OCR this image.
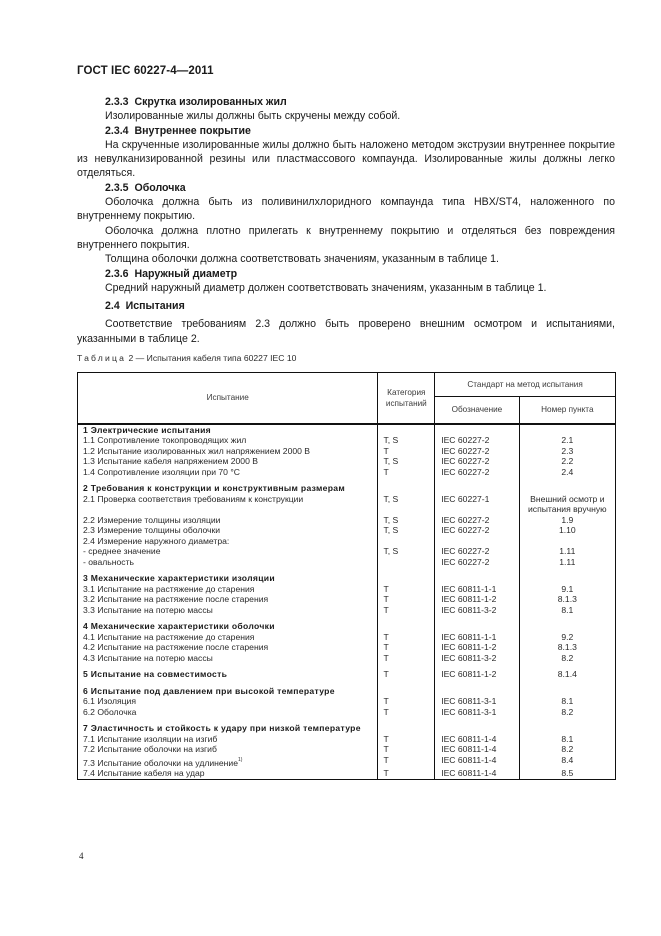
ГОСТ IEC 60227-4—2011

2.3.3 Скрутка изолированных жил

Изолированные жилы должны быть скручены между собой.

2.3.4 Внутреннее покрытие

На скрученные изолированные жилы должно быть наложено методом экструзии внутреннее покрытие из невулканизированной резины или пластмассового компаунда. Изолированные жилы должны легко отделяться.

2.3.5 Оболочка

Оболочка должна быть из поливинилхлоридного компаунда типа HBX/ST4, наложенного по внутреннему покрытию.

Оболочка должна плотно прилегать к внутреннему покрытию и отделяться без повреждения внутреннего покрытия.

Толщина оболочки должна соответствовать значениям, указанным в таблице 1.

2.3.6 Наружный диаметр

Средний наружный диаметр должен соответствовать значениям, указанным в таблице 1.

2.4 Испытания

Соответствие требованиям 2.3 должно быть проверено внешним осмотром и испытаниями, указанными в таблице 2.

Таблица 2 — Испытания кабеля типа 60227 IEC 10
Испытание	Категория испытаний	Стандарт на метод испытания	
		Обозначение	Номер пункта

1 Электрические испытания			

1.1 Сопротивление токопроводящих жил	T, S	IEC 60227-2	2.1

1.2 Испытание изолированных жил напряжением 2000 В	T	IEC 60227-2	2.3

1.3 Испытание кабеля напряжением 2000 В	T, S	IEC 60227-2	2.2

1.4 Сопротивление изоляции при 70 °С	T	IEC 60227-2	2.4

2 Требования к конструкции и конструктивным размерам			

2.1 Проверка соответствия требованиям к конструкции	T, S	IEC 60227-1	Внешний осмотр и испытания вручную

2.2 Измерение толщины изоляции	T, S	IEC 60227-2	1.9

2.3 Измерение толщины оболочки	T, S	IEC 60227-2	1.10

2.4 Измерение наружного диаметра:			

- среднее значение	T, S	IEC 60227-2	1.11

- овальность		IEC 60227-2	1.11

3 Механические характеристики изоляции			

3.1 Испытание на растяжение до старения	T	IEC 60811-1-1	9.1

3.2 Испытание на растяжение после старения	T	IEC 60811-1-2	8.1.3

3.3 Испытание на потерю массы	T	IEC 60811-3-2	8.1

4 Механические характеристики оболочки			

4.1 Испытание на растяжение до старения	T	IEC 60811-1-1	9.2

4.2 Испытание на растяжение после старения	T	IEC 60811-1-2	8.1.3

4.3 Испытание на потерю массы	T	IEC 60811-3-2	8.2

5 Испытание на совместимость	T	IEC 60811-1-2	8.1.4

6 Испытание под давлением при высокой температуре			

6.1 Изоляция	T	IEC 60811-3-1	8.1

6.2 Оболочка	T	IEC 60811-3-1	8.2

7 Эластичность и стойкость к удару при низкой температуре			

7.1 Испытание изоляции на изгиб	T	IEC 60811-1-4	8.1

7.2 Испытание оболочки на изгиб	T	IEC 60811-1-4	8.2

7.3 Испытание оболочки на удлинение$^{1)}$	T	IEC 60811-1-4	8.4

7.4 Испытание кабеля на удар	T	IEC 60811-1-4	8.5
4
